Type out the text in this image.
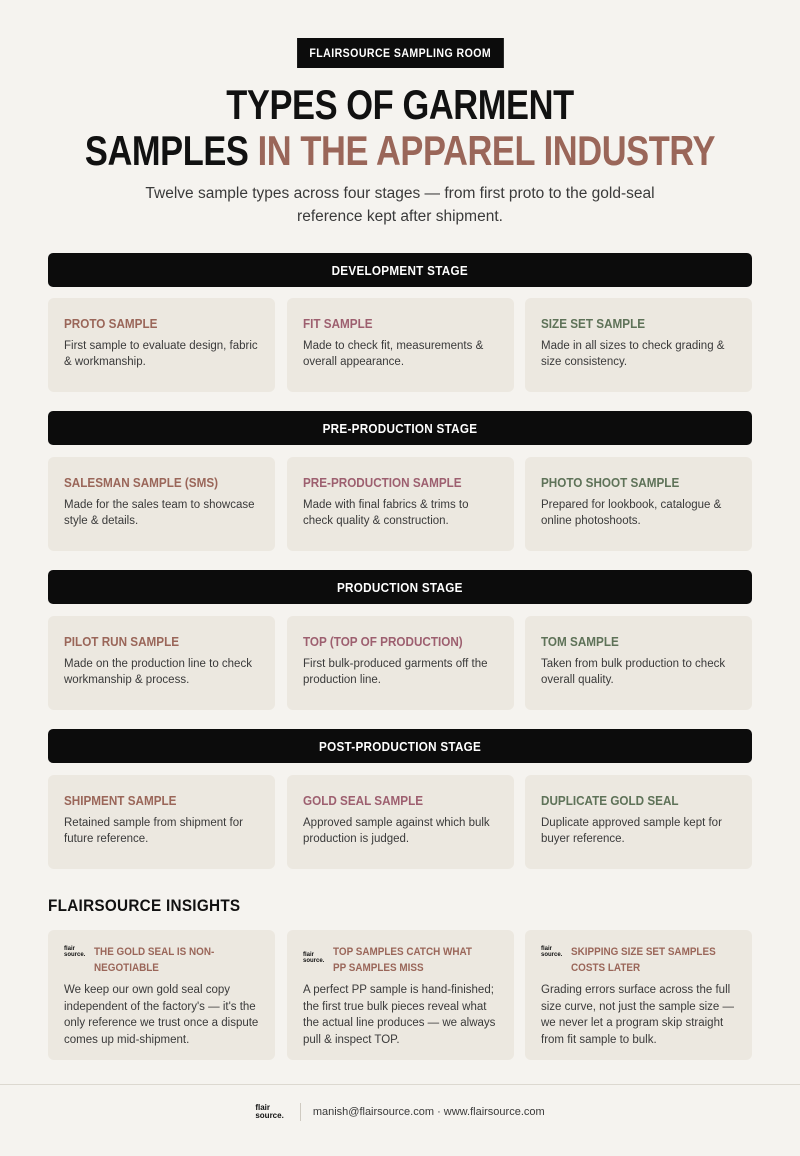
FLAIRSOURCE SAMPLING ROOM
TYPES OF GARMENT
SAMPLES IN THE APPAREL INDUSTRY

Twelve sample types across four stages — from first proto to the gold-seal reference kept after shipment.

DEVELOPMENT STAGE
PROTO SAMPLE
First sample to evaluate design, fabric & workmanship.
FIT SAMPLE
Made to check fit, measurements & overall appearance.
SIZE SET SAMPLE
Made in all sizes to check grading & size consistency.
PRE-PRODUCTION STAGE
SALESMAN SAMPLE (SMS)
Made for the sales team to showcase style & details.
PRE-PRODUCTION SAMPLE
Made with final fabrics & trims to check quality & construction.
PHOTO SHOOT SAMPLE
Prepared for lookbook, catalogue & online photoshoots.
PRODUCTION STAGE
PILOT RUN SAMPLE
Made on the production line to check workmanship & process.
TOP (TOP OF PRODUCTION)
First bulk-produced garments off the production line.
TOM SAMPLE
Taken from bulk production to check overall quality.
POST-PRODUCTION STAGE
SHIPMENT SAMPLE
Retained sample from shipment for future reference.
GOLD SEAL SAMPLE
Approved sample against which bulk production is judged.
DUPLICATE GOLD SEAL
Duplicate approved sample kept for buyer reference.
FLAIRSOURCE INSIGHTS
flair
source. THE GOLD SEAL IS NON-NEGOTIABLE
We keep our own gold seal copy independent of the factory's — it's the only reference we trust once a dispute comes up mid-shipment.
flair
source.
TOP SAMPLES CATCH WHAT PP SAMPLES MISS
A perfect PP sample is hand-finished; the first true bulk pieces reveal what the actual line produces — we always pull & inspect TOP.
flair
source. SKIPPING SIZE SET SAMPLES COSTS LATER
Grading errors surface across the full size curve, not just the sample size — we never let a program skip straight from fit sample to bulk.
flair
source.	manish@flairsource.com · www.flairsource.com
